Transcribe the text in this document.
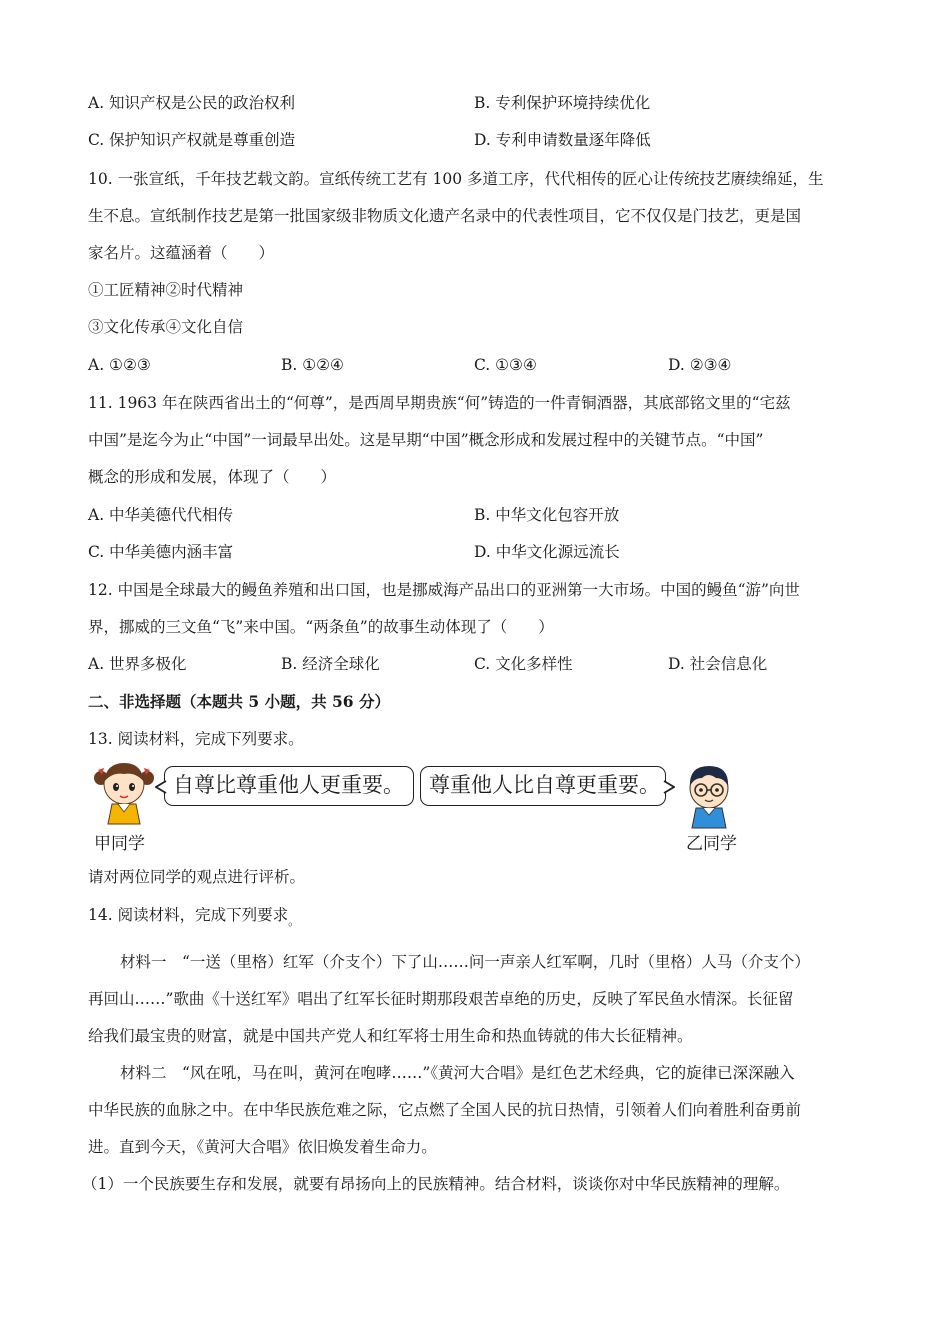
A. 知识产权是公民的政治权利	B. 专利保护环境持续优化
C. 保护知识产权就是尊重创造	D. 专利申请数量逐年降低
10. 一张宣纸，千年技艺载文韵。宣纸传统工艺有 100 多道工序，代代相传的匠心让传统技艺赓续绵延，生
生不息。宣纸制作技艺是第一批国家级非物质文化遗产名录中的代表性项目，它不仅仅是门技艺，更是国
家名片。这蕴涵着（　　）
①工匠精神②时代精神
③文化传承④文化自信
A. ①②③	B. ①②④	C. ①③④	D. ②③④
11. 1963 年在陕西省出土的“何尊”，是西周早期贵族“何”铸造的一件青铜酒器，其底部铭文里的“宅兹
中国”是迄今为止“中国”一词最早出处。这是早期“中国”概念形成和发展过程中的关键节点。“中国”
概念的形成和发展，体现了（　　）
A. 中华美德代代相传	B. 中华文化包容开放
C. 中华美德内涵丰富	D. 中华文化源远流长
12. 中国是全球最大的鳗鱼养殖和出口国，也是挪威海产品出口的亚洲第一大市场。中国的鳗鱼“游”向世
界，挪威的三文鱼“飞”来中国。“两条鱼”的故事生动体现了（　　）
A. 世界多极化	B. 经济全球化	C. 文化多样性	D. 社会信息化
二、非选择题（本题共 5 小题，共 56 分）
13. 阅读材料，完成下列要求。
自尊比尊重他人更重要。	尊重他人比自尊更重要。
甲同学	乙同学
请对两位同学的观点进行评析。
14. 阅读材料，完成下列要求$_。$
材料一　“一送（里格）红军（介支个）下了山……问一声亲人红军啊，几时（里格）人马（介支个）
再回山……”歌曲《十送红军》唱出了红军长征时期那段艰苦卓绝的历史，反映了军民鱼水情深。长征留
给我们最宝贵的财富，就是中国共产党人和红军将士用生命和热血铸就的伟大长征精神。
材料二　“风在吼，马在叫，黄河在咆哮……”《黄河大合唱》是红色艺术经典，它的旋律已深深融入
中华民族的血脉之中。在中华民族危难之际，它点燃了全国人民的抗日热情，引领着人们向着胜利奋勇前
进。直到今天，《黄河大合唱》依旧焕发着生命力。
（1）一个民族要生存和发展，就要有昂扬向上的民族精神。结合材料，谈谈你对中华民族精神的理解。
